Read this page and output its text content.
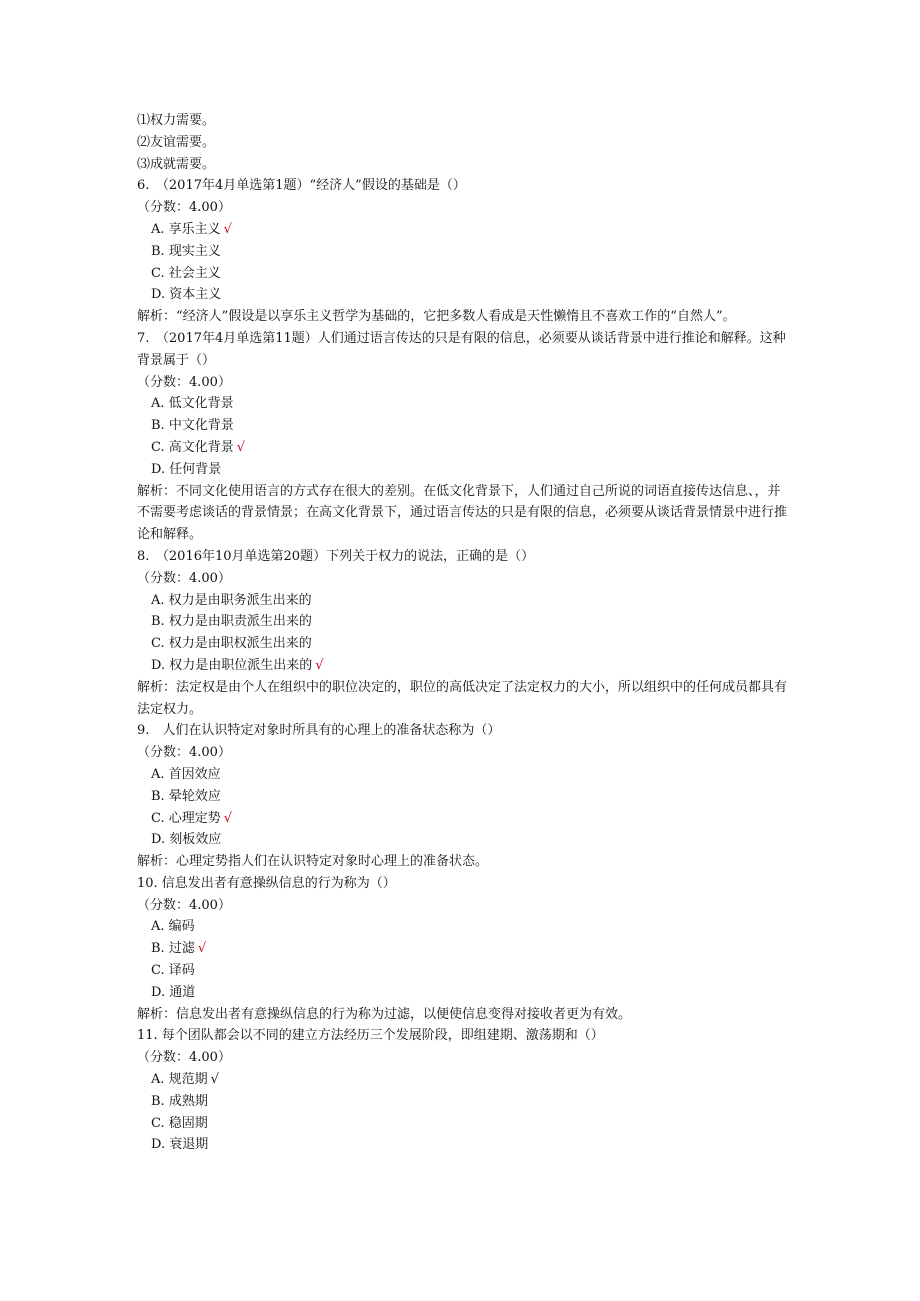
⑴权力需要。
⑵友谊需要。
⑶成就需要。
6.　（2017年4月单选第1题）“经济人”假设的基础是（）
（分数：4.00）
A. 享乐主义 √
B. 现实主义
C. 社会主义
D. 资本主义
解析：“经济人”假设是以享乐主义哲学为基础的，它把多数人看成是天性懒惰且不喜欢工作的“自然人”。
7.　（2017年4月单选第11题）人们通过语言传达的只是有限的信息，必须要从谈话背景中进行推论和解释。这种背景属于（）
（分数：4.00）
A. 低文化背景
B. 中文化背景
C. 高文化背景 √
D. 任何背景
解析：不同文化使用语言的方式存在很大的差别。在低文化背景下，人们通过自己所说的词语直接传达信息、，并不需要考虑谈话的背景情景；在高文化背景下，通过语言传达的只是有限的信息，必须要从谈话背景情景中进行推论和解释。
8.　（2016年10月单选第20题）下列关于权力的说法，正确的是（）
（分数：4.00）
A. 权力是由职务派生出来的
B. 权力是由职责派生出来的
C. 权力是由职权派生出来的
D. 权力是由职位派生出来的 √
解析：法定权是由个人在组织中的职位决定的，职位的高低决定了法定权力的大小，所以组织中的任何成员都具有法定权力。
9.　人们在认识特定对象时所具有的心理上的准备状态称为（）
（分数：4.00）
A. 首因效应
B. 晕轮效应
C. 心理定势 √
D. 刻板效应
解析：心理定势指人们在认识特定对象时心理上的准备状态。
10. 信息发出者有意操纵信息的行为称为（）
（分数：4.00）
A. 编码
B. 过滤 √
C. 译码
D. 通道
解析：信息发出者有意操纵信息的行为称为过滤，以便使信息变得对接收者更为有效。
11. 每个团队都会以不同的建立方法经历三个发展阶段，即组建期、激荡期和（）
（分数：4.00）
A. 规范期 √
B. 成熟期
C. 稳固期
D. 衰退期
